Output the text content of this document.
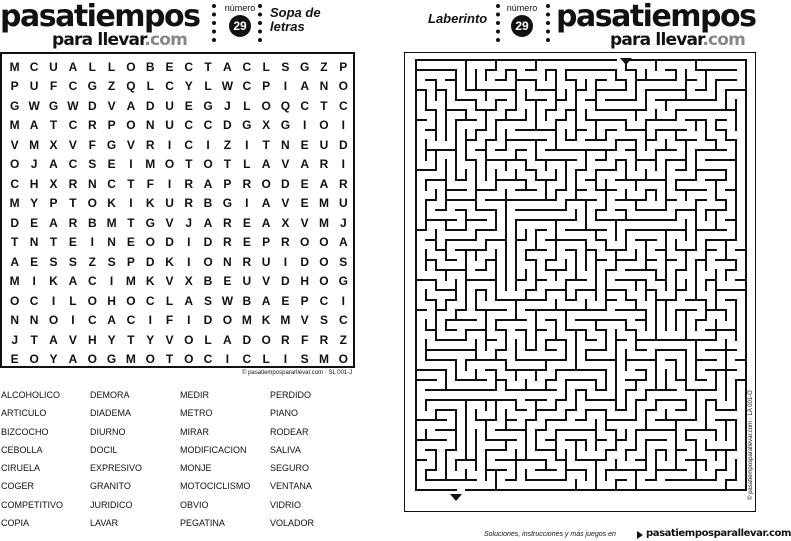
pasatiempos
para llevar.com
número
29
Sopa de
letras
M	C	U	A	L	L	O	B	E	C	T	A	C	L	S	G	Z	P
P	U	F	C	G	Z	Q	L	C	Y	L	W	C	P	I	A	N	O
G	W	G	W	D	V	A	D	U	E	G	J	L	O	Q	C	T	C
M	A	T	C	R	P	O	N	U	C	C	D	G	X	G	I	O	I
V	M	X	V	F	G	V	R	I	C	I	Z	I	T	N	E	U	D
O	J	A	C	S	E	I	M	O	T	O	T	L	A	V	A	R	I
C	H	X	R	N	C	T	F	I	R	A	P	R	O	D	E	A	R
M	Y	P	T	O	K	I	K	U	R	B	G	I	A	V	E	M	U
D	E	A	R	B	M	T	G	V	J	A	R	E	A	X	V	M	J
T	N	T	E	I	N	E	O	D	I	D	R	E	P	R	O	O	A
A	E	S	S	Z	S	P	D	K	I	O	N	R	U	I	D	O	S
M	I	K	A	C	I	M	K	V	X	B	E	U	V	D	H	O	G
O	C	I	L	O	H	O	C	L	A	S	W	B	A	E	P	C	I
N	N	O	I	C	A	C	I	F	I	D	O	M	K	M	V	S	C
J	T	A	V	H	Y	T	Y	V	O	L	A	D	O	R	F	R	Z
E	O	Y	A	O	G	M	O	T	O	C	I	C	L	I	S	M	O
© pasatiempospararllevar.com · SL 001-J
ALCOHOLICO
ARTICULO
BIZCOCHO
CEBOLLA
CIRUELA
COGER
COMPETITIVO
COPIA
DEMORA
DIADEMA
DIURNO
DOCIL
EXPRESIVO
GRANITO
JURIDICO
LAVAR
MEDIR
METRO
MIRAR
MODIFICACION
MONJE
MOTOCICLISMO
OBVIO
PEGATINA
PERDIDO
PIANO
RODEAR
SALIVA
SEGURO
VENTANA
VIDRIO
VOLADOR
Laberinto
número
29 pasatiempos
para llevar.com
© pasatiemposparallevar.com · LA 001-O
Soluciones, instrucciones y más juegos en	pasatiemposparallevar.com
